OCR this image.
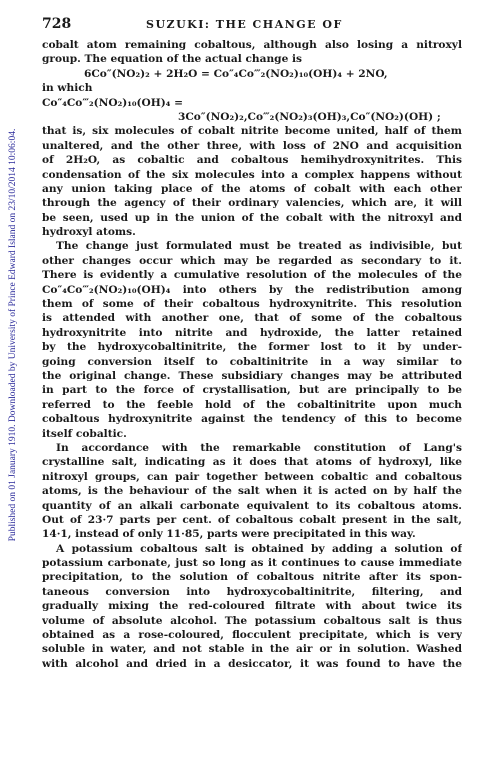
Published on 01 January 1910. Downloaded by University of Prince Edward Island on 23/10/2014 10:06:04.
728	SUZUKI: THE CHANGE OF
cobalt atom remaining cobaltous, although also losing a nitroxyl
group. The equation of the actual change is
6Co″(NO₂)₂ + 2H₂O = Co″₄Co‴₂(NO₂)₁₀(OH)₄ + 2NO,
in which
Co″₄Co‴₂(NO₂)₁₀(OH)₄ =
3Co″(NO₂)₂,Co‴₂(NO₂)₃(OH)₃,Co″(NO₂)(OH) ;
that is, six molecules of cobalt nitrite become united, half of them
unaltered, and the other three, with loss of 2NO and acquisition
of 2H₂O, as cobaltic and cobaltous hemihydroxynitrites. This
condensation of the six molecules into a complex happens without
any union taking place of the atoms of cobalt with each other
through the agency of their ordinary valencies, which are, it will
be seen, used up in the union of the cobalt with the nitroxyl and
hydroxyl atoms.
The change just formulated must be treated as indivisible, but
other changes occur which may be regarded as secondary to it.
There is evidently a cumulative resolution of the molecules of the
Co″₄Co‴₂(NO₂)₁₀(OH)₄ into others by the redistribution among
them of some of their cobaltous hydroxynitrite. This resolution
is attended with another one, that of some of the cobaltous
hydroxynitrite into nitrite and hydroxide, the latter retained
by the hydroxycobaltinitrite, the former lost to it by under-
going conversion itself to cobaltinitrite in a way similar to
the original change. These subsidiary changes may be attributed
in part to the force of crystallisation, but are principally to be
referred to the feeble hold of the cobaltinitrite upon much
cobaltous hydroxynitrite against the tendency of this to become
itself cobaltic.
In accordance with the remarkable constitution of Lang's
crystalline salt, indicating as it does that atoms of hydroxyl, like
nitroxyl groups, can pair together between cobaltic and cobaltous
atoms, is the behaviour of the salt when it is acted on by half the
quantity of an alkali carbonate equivalent to its cobaltous atoms.
Out of 23·7 parts per cent. of cobaltous cobalt present in the salt,
14·1, instead of only 11·85, parts were precipitated in this way.
A potassium cobaltous salt is obtained by adding a solution of
potassium carbonate, just so long as it continues to cause immediate
precipitation, to the solution of cobaltous nitrite after its spon-
taneous conversion into hydroxycobaltinitrite, filtering, and
gradually mixing the red-coloured filtrate with about twice its
volume of absolute alcohol. The potassium cobaltous salt is thus
obtained as a rose-coloured, flocculent precipitate, which is very
soluble in water, and not stable in the air or in solution. Washed
with alcohol and dried in a desiccator, it was found to have the
